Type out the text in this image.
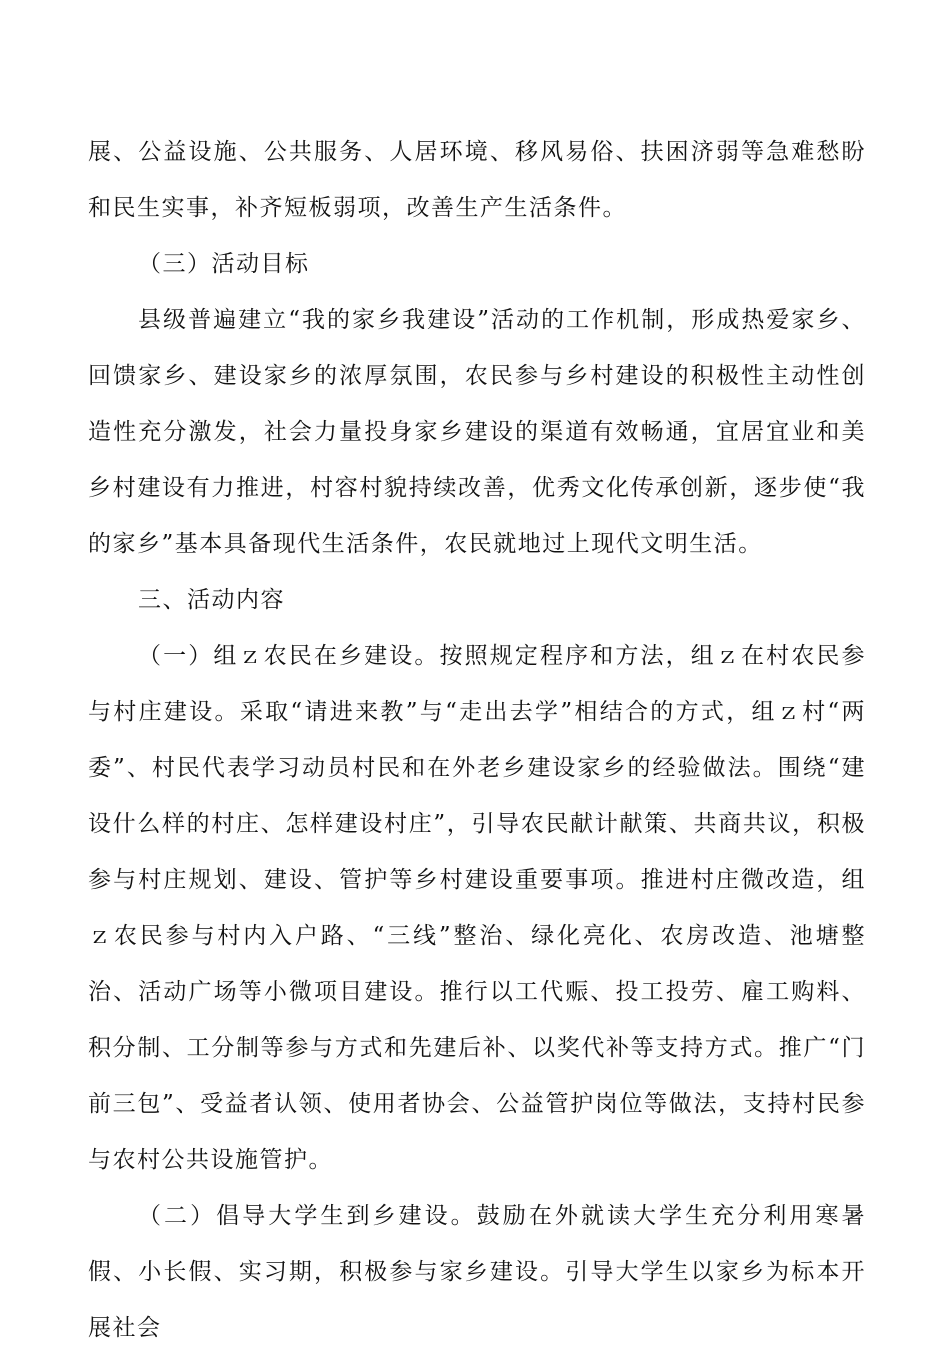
展、公益设施、公共服务、人居环境、移风易俗、扶困济弱等急难愁盼和民生实事，补齐短板弱项，改善生产生活条件。

（三）活动目标

县级普遍建立“我的家乡我建设”活动的工作机制，形成热爱家乡、回馈家乡、建设家乡的浓厚氛围，农民参与乡村建设的积极性主动性创造性充分激发，社会力量投身家乡建设的渠道有效畅通，宜居宜业和美乡村建设有力推进，村容村貌持续改善，优秀文化传承创新，逐步使“我的家乡”基本具备现代生活条件，农民就地过上现代文明生活。

三、活动内容

（一）组ｚ农民在乡建设。按照规定程序和方法，组ｚ在村农民参与村庄建设。采取“请进来教”与“走出去学”相结合的方式，组ｚ村“两委”、村民代表学习动员村民和在外老乡建设家乡的经验做法。围绕“建设什么样的村庄、怎样建设村庄”，引导农民献计献策、共商共议，积极参与村庄规划、建设、管护等乡村建设重要事项。推进村庄微改造，组ｚ农民参与村内入户路、“三线”整治、绿化亮化、农房改造、池塘整治、活动广场等小微项目建设。推行以工代赈、投工投劳、雇工购料、积分制、工分制等参与方式和先建后补、以奖代补等支持方式。推广“门前三包”、受益者认领、使用者协会、公益管护岗位等做法，支持村民参与农村公共设施管护。

（二）倡导大学生到乡建设。鼓励在外就读大学生充分利用寒暑假、小长假、实习期，积极参与家乡建设。引导大学生以家乡为标本开展社会
